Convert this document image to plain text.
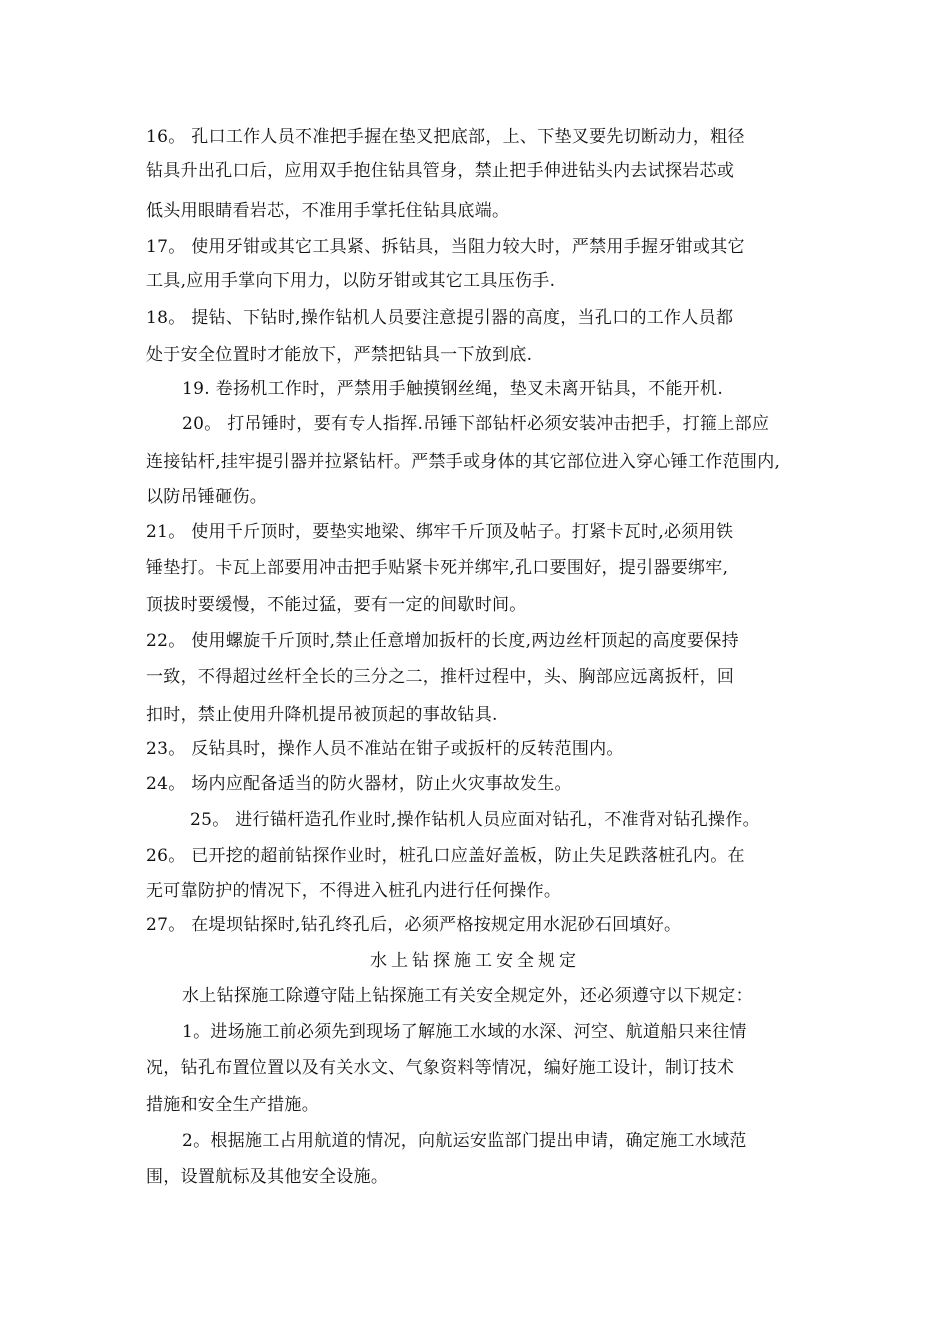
16。 孔口工作人员不准把手握在垫叉把底部，上、下垫叉要先切断动力，粗径
钻具升出孔口后，应用双手抱住钻具管身，禁止把手伸进钻头内去试探岩芯或
低头用眼睛看岩芯，不准用手掌托住钻具底端。
17。 使用牙钳或其它工具紧、拆钻具，当阻力较大时，严禁用手握牙钳或其它
工具,应用手掌向下用力，以防牙钳或其它工具压伤手.
18。 提钻、下钻时,操作钻机人员要注意提引器的高度，当孔口的工作人员都
处于安全位置时才能放下，严禁把钻具一下放到底.
19. 卷扬机工作时，严禁用手触摸钢丝绳，垫叉未离开钻具，不能开机.
20。 打吊锤时，要有专人指挥.吊锤下部钻杆必须安装冲击把手，打箍上部应
连接钻杆,挂牢提引器并拉紧钻杆。严禁手或身体的其它部位进入穿心锤工作范围内,
以防吊锤砸伤。
21。 使用千斤顶时，要垫实地梁、绑牢千斤顶及帖子。打紧卡瓦时,必须用铁
锤垫打。卡瓦上部要用冲击把手贴紧卡死并绑牢,孔口要围好，提引器要绑牢,
顶拔时要缓慢，不能过猛，要有一定的间歇时间。
22。 使用螺旋千斤顶时,禁止任意增加扳杆的长度,两边丝杆顶起的高度要保持
一致，不得超过丝杆全长的三分之二，推杆过程中，头、胸部应远离扳杆，回
扣时，禁止使用升降机提吊被顶起的事故钻具.
23。 反钻具时，操作人员不准站在钳子或扳杆的反转范围内。
24。 场内应配备适当的防火器材，防止火灾事故发生。
25。 进行锚杆造孔作业时,操作钻机人员应面对钻孔，不准背对钻孔操作。
26。 已开挖的超前钻探作业时，桩孔口应盖好盖板，防止失足跌落桩孔内。在
无可靠防护的情况下，不得进入桩孔内进行任何操作。
27。 在堤坝钻探时,钻孔终孔后，必须严格按规定用水泥砂石回填好。
水上钻探施工安全规定
水上钻探施工除遵守陆上钻探施工有关安全规定外，还必须遵守以下规定：
1。进场施工前必须先到现场了解施工水域的水深、河空、航道船只来往情
况，钻孔布置位置以及有关水文、气象资料等情况，编好施工设计，制订技术
措施和安全生产措施。
2。根据施工占用航道的情况，向航运安监部门提出申请，确定施工水域范
围，设置航标及其他安全设施。
